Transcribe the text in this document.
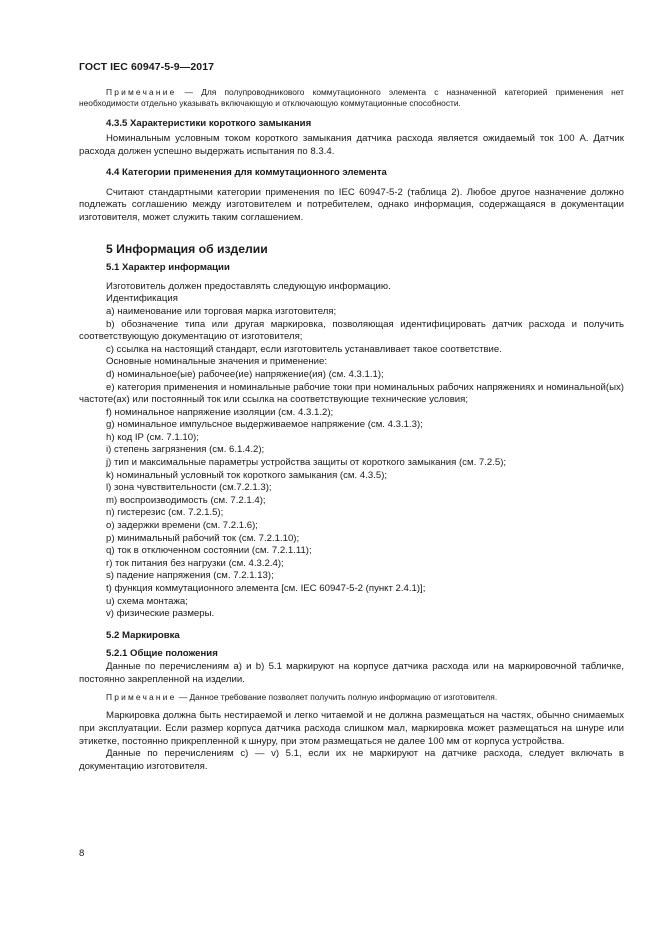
ГОСТ IEC 60947-5-9—2017

Примечание — Для полупроводникового коммутационного элемента с назначенной категорией применения нет необходимости отдельно указывать включающую и отключающую коммутационные способности.

4.3.5 Характеристики короткого замыкания

Номинальным условным током короткого замыкания датчика расхода является ожидаемый ток 100 А. Датчик расхода должен успешно выдержать испытания по 8.3.4.

4.4 Категории применения для коммутационного элемента

Считают стандартными категории применения по IEC 60947-5-2 (таблица 2). Любое другое назначение должно подлежать соглашению между изготовителем и потребителем, однако информация, содержащаяся в документации изготовителя, может служить таким соглашением.

5 Информация об изделии

5.1 Характер информации

Изготовитель должен предоставлять следующую информацию.

Идентификация

a) наименование или торговая марка изготовителя;

b) обозначение типа или другая маркировка, позволяющая идентифицировать датчик расхода и получить соответствующую документацию от изготовителя;

c) ссылка на настоящий стандарт, если изготовитель устанавливает такое соответствие.

Основные номинальные значения и применение:

d) номинальное(ые) рабочее(ие) напряжение(ия) (см. 4.3.1.1);

e) категория применения и номинальные рабочие токи при номинальных рабочих напряжениях и номинальной(ых) частоте(ах) или постоянный ток или ссылка на соответствующие технические условия;

f) номинальное напряжение изоляции (см. 4.3.1.2);

g) номинальное импульсное выдерживаемое напряжение (см. 4.3.1.3);

h) код IP (см. 7.1.10);

i) степень загрязнения (см. 6.1.4.2);

j) тип и максимальные параметры устройства защиты от короткого замыкания (см. 7.2.5);

k) номинальный условный ток короткого замыкания (см. 4.3.5);

l) зона чувствительности (см.7.2.1.3);

m) воспроизводимость (см. 7.2.1.4);

n) гистерезис (см. 7.2.1.5);

o) задержки времени (см. 7.2.1.6);

p) минимальный рабочий ток (см. 7.2.1.10);

q) ток в отключенном состоянии (см. 7.2.1.11);

r) ток питания без нагрузки (см. 4.3.2.4);

s) падение напряжения (см. 7.2.1.13);

t) функция коммутационного элемента [см. IEC 60947-5-2 (пункт 2.4.1)];

u) схема монтажа;

v) физические размеры.

5.2 Маркировка

5.2.1 Общие положения

Данные по перечислениям a) и b) 5.1 маркируют на корпусе датчика расхода или на маркировочной табличке, постоянно закрепленной на изделии.

Примечание — Данное требование позволяет получить полную информацию от изготовителя.

Маркировка должна быть нестираемой и легко читаемой и не должна размещаться на частях, обычно снимаемых при эксплуатации. Если размер корпуса датчика расхода слишком мал, маркировка может размещаться на шнуре или этикетке, постоянно прикрепленной к шнуру, при этом размещаться не далее 100 мм от корпуса устройства.

Данные по перечислениям c) — v) 5.1, если их не маркируют на датчике расхода, следует включать в документацию изготовителя.

8
